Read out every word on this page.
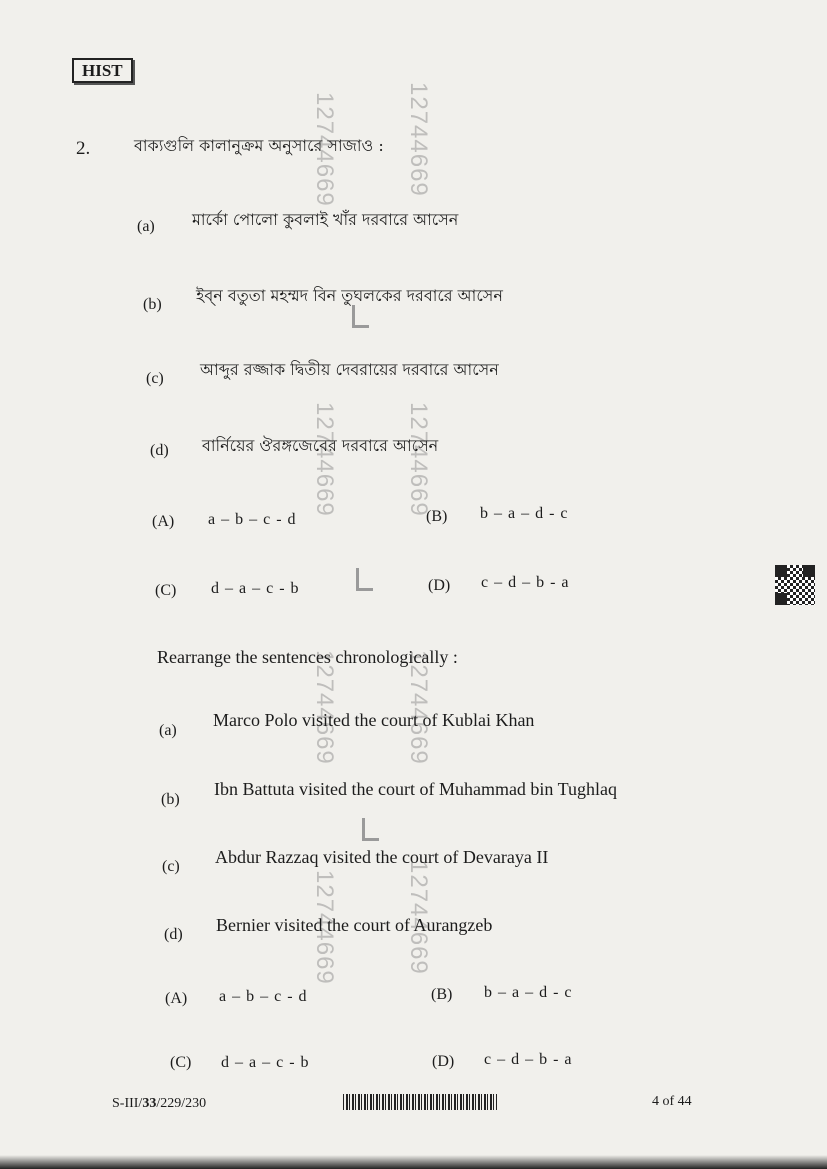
HIST
12744669	12744669
12744669	12744669
12744669	12744669
12744669	12744669
2.	বাক্যগুলি কালানুক্রম অনুসারে সাজাও :
(a) মার্কো পোলো কুবলাই খাঁর দরবারে আসেন
(b) ইব্‌ন বতুতা মহম্মদ বিন তুঘলকের দরবারে আসেন
(c) আব্দুর রজ্জাক দ্বিতীয় দেবরায়ের দরবারে আসেন
(d) বার্নিয়ের ঔরঙ্গজেবের দরবারে আসেন
(A) a – b – c - d	(B) b – a – d - c
(C) d – a – c - b	(D) c – d – b - a
Rearrange the sentences chronologically :
(a)
Marco Polo visited the court of Kublai Khan
(b)
Ibn Battuta visited the court of Muhammad bin Tughlaq
(c) Abdur Razzaq visited the court of Devaraya II
(d) Bernier visited the court of Aurangzeb
(A) a – b – c - d	(B) b – a – d - c
(C) d – a – c - b	(D) c – d – b - a
S-III/33/229/230	4 of 44
